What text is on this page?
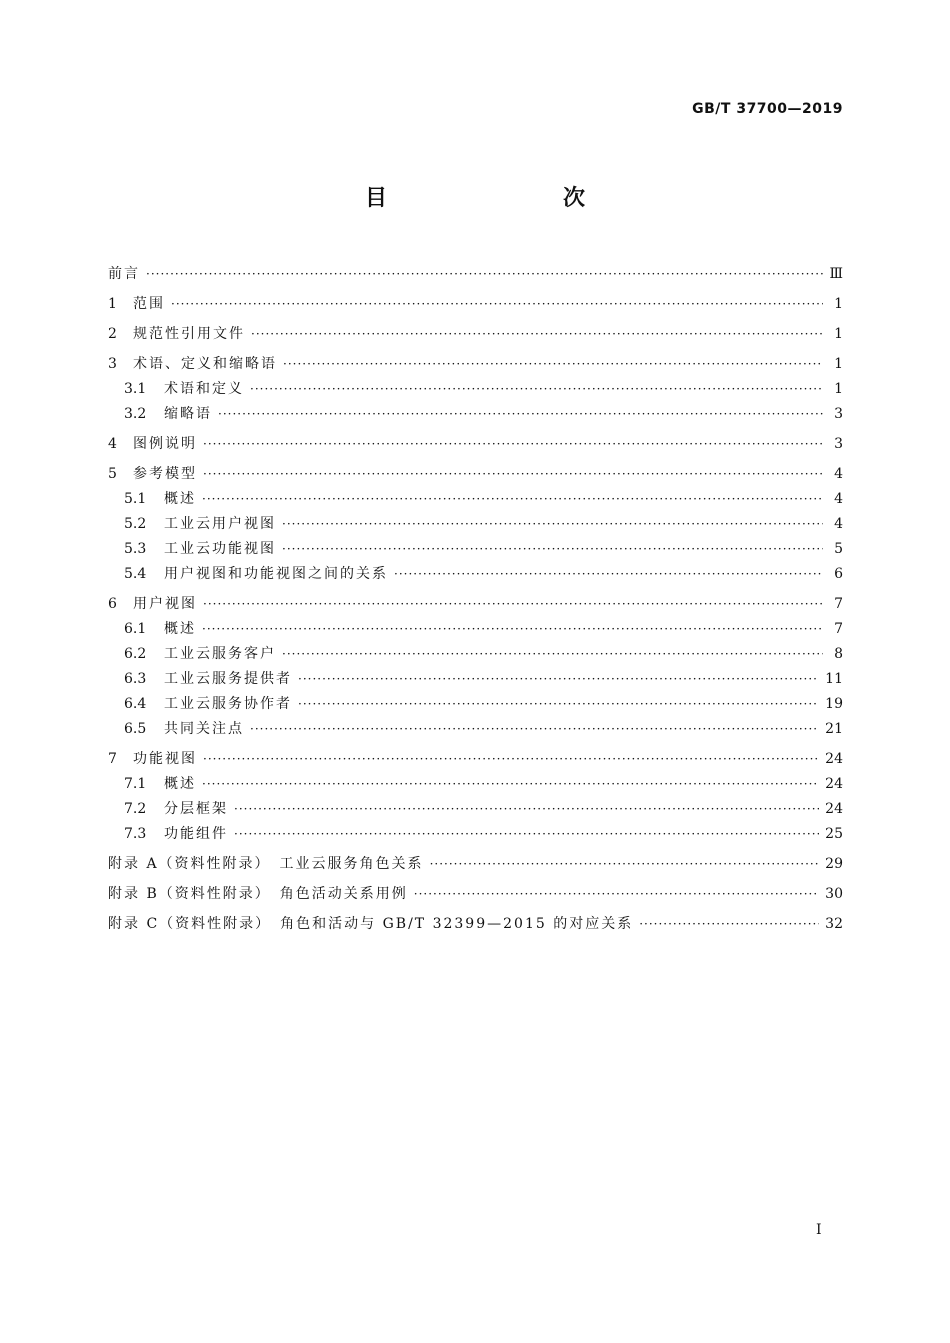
GB/T 37700—2019
目　　次
前言 ·····	Ⅲ
1	范围 ·····	1
2	规范性引用文件 ·····	1
3	术语、定义和缩略语 ·····	1
3.1	术语和定义 ·····	1
3.2	缩略语 ·····	3
4	图例说明 ·····	3
5	参考模型 ·····	4
5.1	概述 ·····	4
5.2	工业云用户视图 ·····	4
5.3	工业云功能视图 ·····	5
5.4	用户视图和功能视图之间的关系 ·····	6
6	用户视图 ·····	7
6.1	概述 ·····	7
6.2	工业云服务客户 ·····	8
6.3	工业云服务提供者 ·····	11
6.4	工业云服务协作者 ·····	19
6.5	共同关注点 ·····	21
7	功能视图 ·····	24
7.1	概述 ·····	24
7.2	分层框架 ·····	24
7.3	功能组件 ·····	25
附录 A（资料性附录）　工业云服务角色关系 ·····	29
附录 B（资料性附录）　角色活动关系用例 ·····	30
附录 C（资料性附录）　角色和活动与 GB/T 32399—2015 的对应关系 ·····	32
I
